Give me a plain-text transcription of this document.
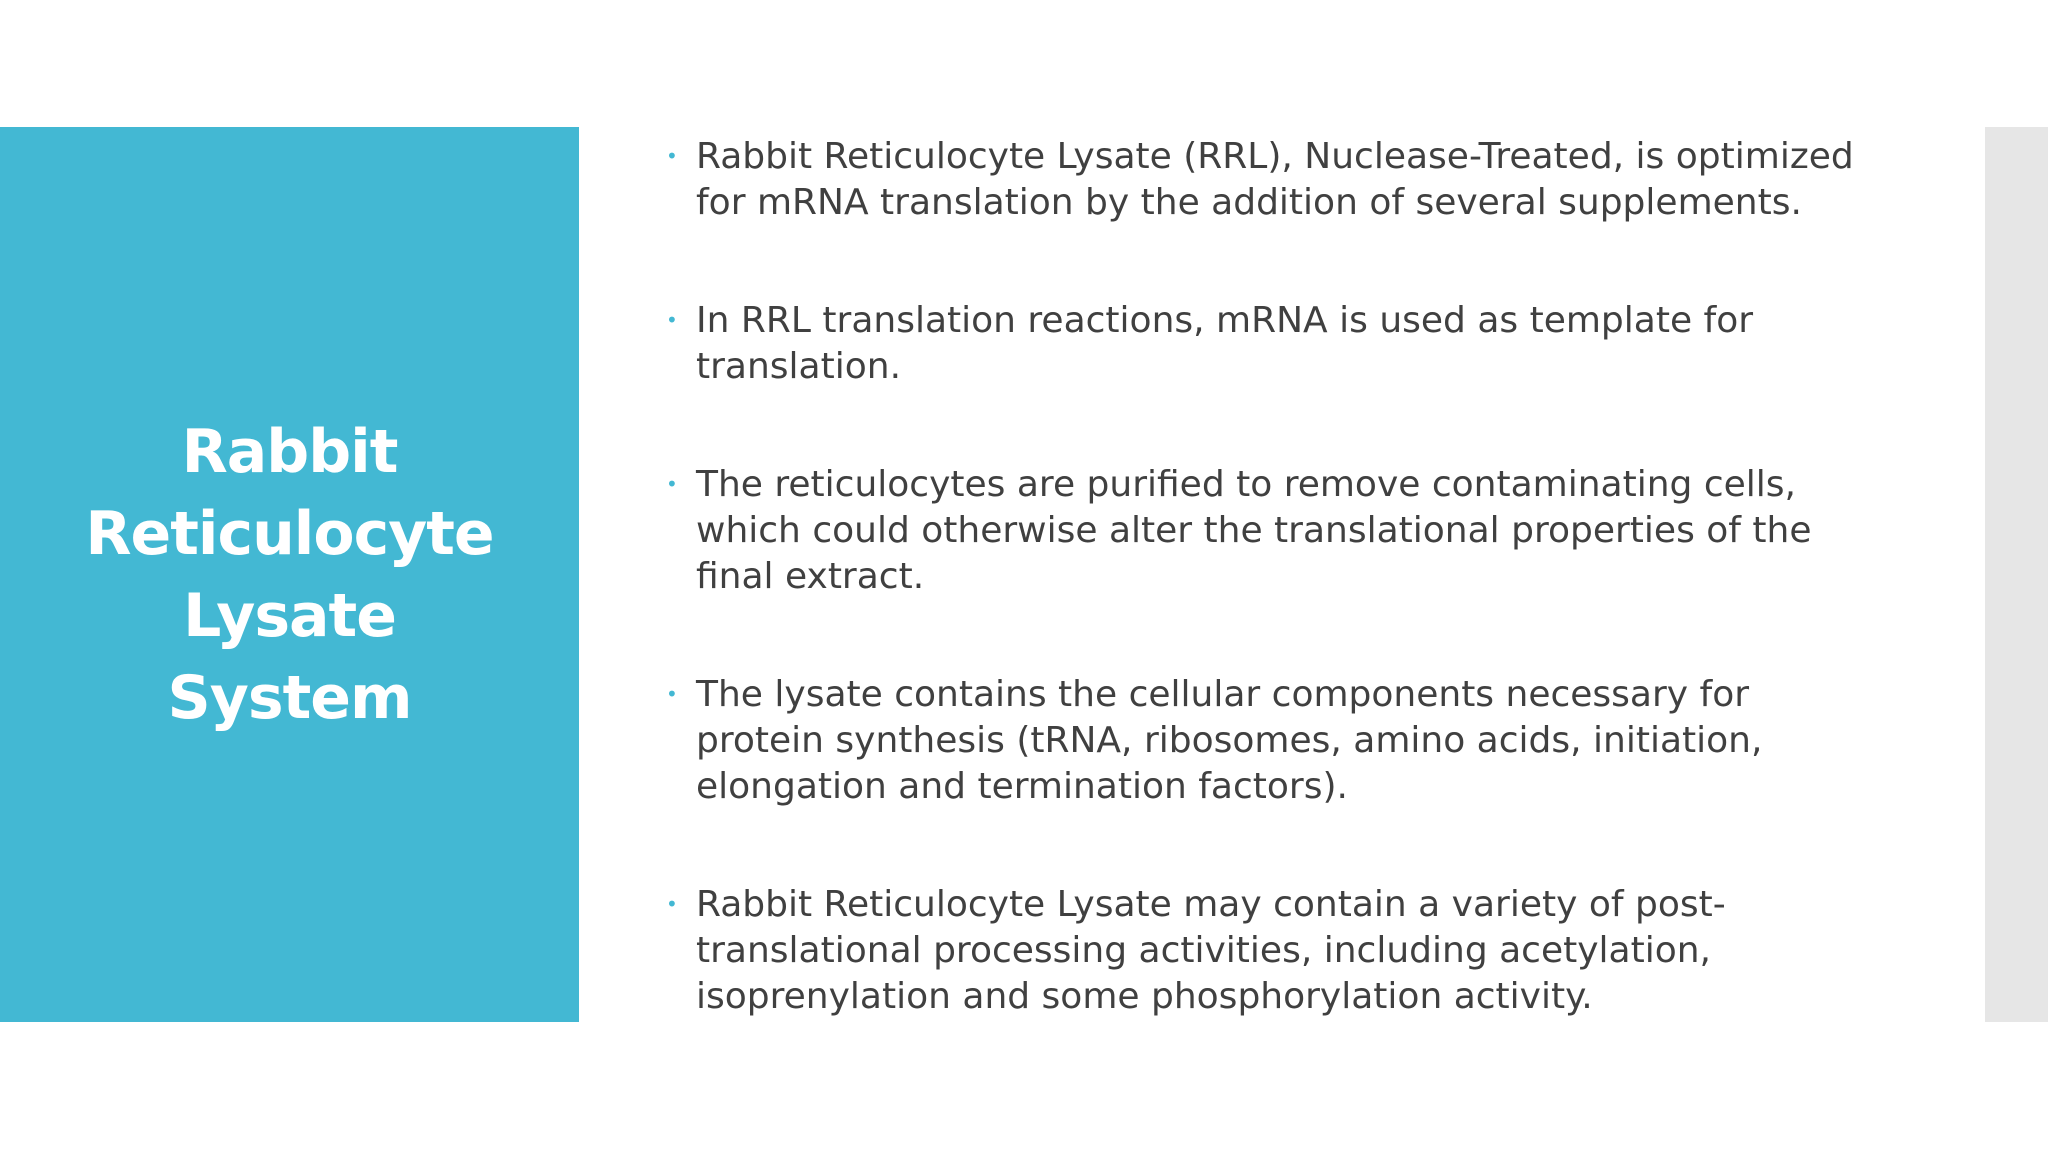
Rabbit
Reticulocyte
Lysate
System
• Rabbit Reticulocyte Lysate (RRL), Nuclease-Treated, is optimized for mRNA translation by the addition of several supplements.
• In RRL translation reactions, mRNA is used as template for translation.
• The reticulocytes are purified to remove contaminating cells, which could otherwise alter the translational properties of the final extract.
• The lysate contains the cellular components necessary for protein synthesis (tRNA, ribosomes, amino acids, initiation, elongation and termination factors).
• Rabbit Reticulocyte Lysate may contain a variety of post-translational processing activities, including acetylation, isoprenylation and some phosphorylation activity.
